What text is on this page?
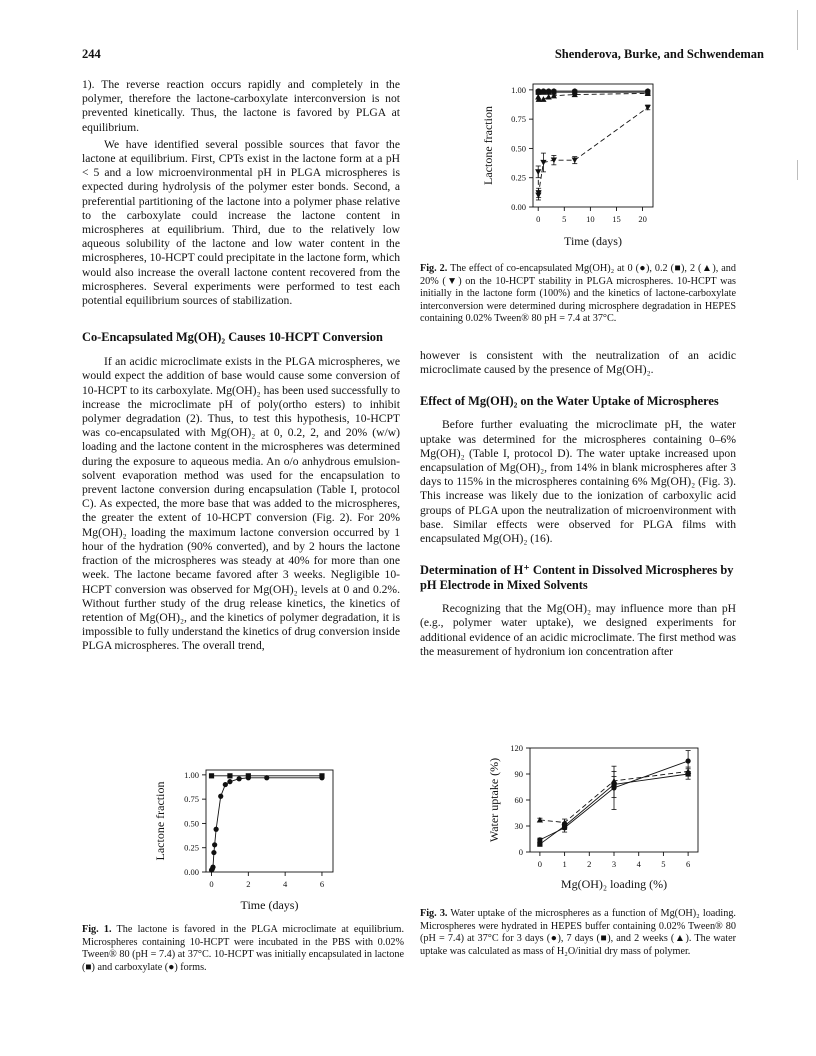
244	Shenderova, Burke, and Schwendeman

1). The reverse reaction occurs rapidly and completely in the polymer, therefore the lactone-carboxylate interconversion is not prevented kinetically. Thus, the lactone is favored by PLGA at equilibrium.

We have identified several possible sources that favor the lactone at equilibrium. First, CPTs exist in the lactone form at a pH < 5 and a low microenvironmental pH in PLGA microspheres is expected during hydrolysis of the polymer ester bonds. Second, a preferential partitioning of the lactone into a polymer phase relative to the carboxylate could increase the lactone content in microspheres at equilibrium. Third, due to the relatively low aqueous solubility of the lactone and low water content in the microspheres, 10-HCPT could precipitate in the lactone form, which would also increase the overall lactone content recovered from the microspheres. Several experiments were performed to test each potential equilibrium sources of stabilization.

Co-Encapsulated Mg(OH)₂ Causes 10-HCPT Conversion

If an acidic microclimate exists in the PLGA microspheres, we would expect the addition of base would cause some conversion of 10-HCPT to its carboxylate. Mg(OH)₂ has been used successfully to increase the microclimate pH of poly(ortho esters) to inhibit polymer degradation (2). Thus, to test this hypothesis, 10-HCPT was co-encapsulated with Mg(OH)₂ at 0, 0.2, 2, and 20% (w/w) loading and the lactone content in the microspheres was determined during the exposure to aqueous media. An o/o anhydrous emulsion-solvent evaporation method was used for the encapsulation to prevent lactone conversion during encapsulation (Table I, protocol C). As expected, the more base that was added to the microspheres, the greater the extent of 10-HCPT conversion (Fig. 2). For 20% Mg(OH)₂ loading the maximum lactone conversion occurred by 1 hour of the hydration (90% converted), and by 2 hours the lactone fraction of the microspheres was steady at 40% for more than one week. The lactone became favored after 3 weeks. Negligible 10-HCPT conversion was observed for Mg(OH)₂ levels at 0 and 0.2%. Without further study of the drug release kinetics, the kinetics of retention of Mg(OH)₂, and the kinetics of polymer degradation, it is impossible to fully understand the kinetics of drug conversion inside PLGA microspheres. The overall trend,

0.00
0.25
0.50
0.75
1.00
0	5 10 15 20
Time (days)
Lactone fraction
Fig. 2. The effect of co-encapsulated Mg(OH)₂ at 0 (●), 0.2 (■), 2 (▲), and 20% (▼) on the 10-HCPT stability in PLGA microspheres. 10-HCPT was initially in the lactone form (100%) and the kinetics of lactone-carboxylate interconversion were determined during microsphere degradation in HEPES containing 0.02% Tween® 80 pH = 7.4 at 37°C.

however is consistent with the neutralization of an acidic microclimate caused by the presence of Mg(OH)₂.

Effect of Mg(OH)₂ on the Water Uptake of Microspheres

Before further evaluating the microclimate pH, the water uptake was determined for the microspheres containing 0–6% Mg(OH)₂ (Table I, protocol D). The water uptake increased upon encapsulation of Mg(OH)₂, from 14% in blank microspheres after 3 days to 115% in the microspheres containing 6% Mg(OH)₂ (Fig. 3). This increase was likely due to the ionization of carboxylic acid groups of PLGA upon the neutralization of microenvironment with base. Similar effects were observed for PLGA films with encapsulated Mg(OH)₂ (16).

Determination of H⁺ Content in Dissolved Microspheres by pH Electrode in Mixed Solvents

Recognizing that the Mg(OH)₂ may influence more than pH (e.g., polymer water uptake), we designed experiments for additional evidence of an acidic microclimate. The first method was the measurement of hydronium ion concentration after

0.00
0.25
0.50
0.75
1.00
0	2	4	6
Time (days)
Lactone fraction
Fig. 1. The lactone is favored in the PLGA microclimate at equilibrium. Microspheres containing 10-HCPT were incubated in the PBS with 0.02% Tween® 80 (pH = 7.4) at 37°C. 10-HCPT was initially encapsulated in lactone (■) and carboxylate (●) forms.
0
30
60
90
120
0 1 2 3 4 5 6
Mg(OH)₂ loading (%)
Water uptake (%)
Fig. 3. Water uptake of the microspheres as a function of Mg(OH)₂ loading. Microspheres were hydrated in HEPES buffer containing 0.02% Tween® 80 (pH = 7.4) at 37°C for 3 days (●), 7 days (■), and 2 weeks (▲). The water uptake was calculated as mass of H₂O/initial dry mass of polymer.
